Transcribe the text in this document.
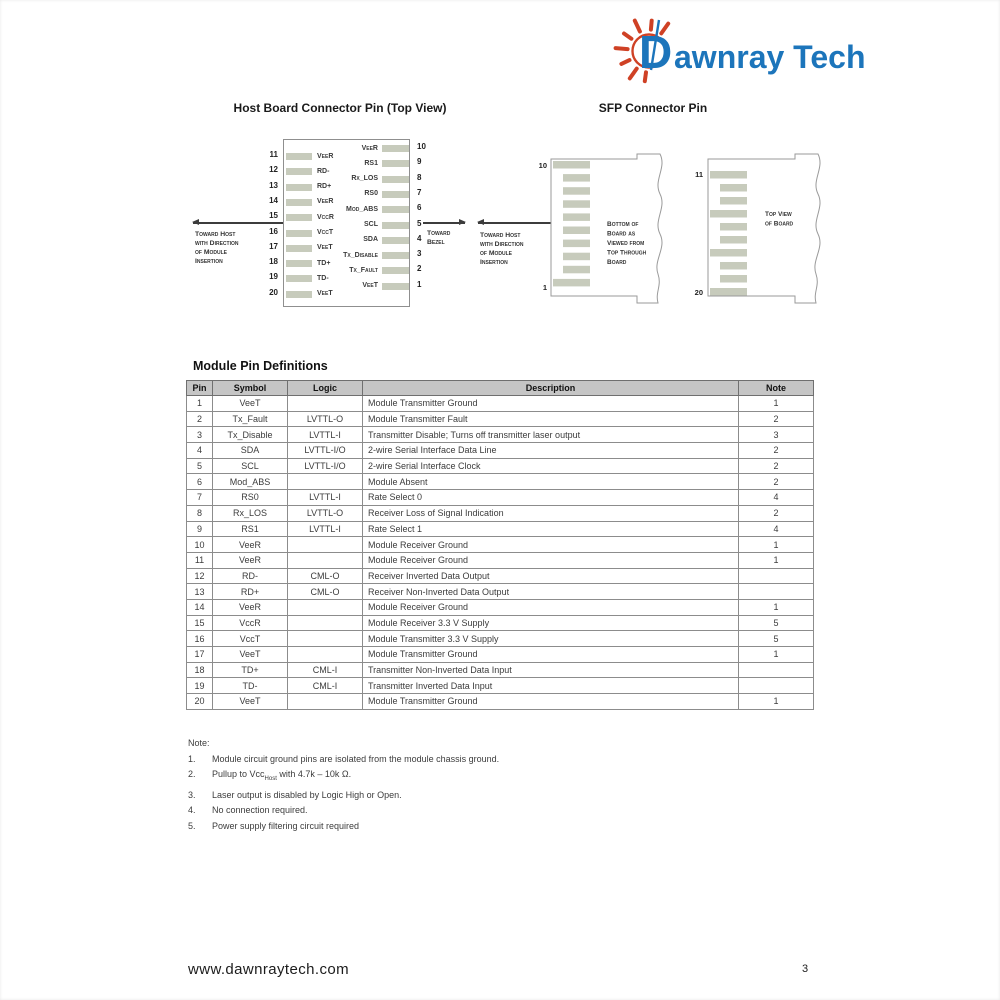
D awnray Tech
Host Board Connector Pin (Top View)	SFP Connector Pin
VeeR
RD-
RD+
VeeR
VccR
VccT
VeeT
TD+
TD-
VeeT
VeeR
RS1
Rx_LOS
RS0
Mod_ABS
SCL
SDA
Tx_Disable
Tx_Fault
VeeT
Toward Host
with Direction
of Module
Insertion
Toward
Bezel
Toward Host
with Direction
of Module
Insertion
10
1
11
20
Bottom of Board as Viewed from Top Through Board
Top View of Board
Module Pin Definitions
Pin	Symbol	Logic	Description	Note
1	VeeT		Module Transmitter Ground	1
2	Tx_Fault	LVTTL-O	Module Transmitter Fault	2
3	Tx_Disable	LVTTL-I	Transmitter Disable; Turns off transmitter laser output	3
4	SDA	LVTTL-I/O	2-wire Serial Interface Data Line	2
5	SCL	LVTTL-I/O	2-wire Serial Interface Clock	2
6	Mod_ABS		Module Absent	2
7	RS0	LVTTL-I	Rate Select 0	4
8	Rx_LOS	LVTTL-O	Receiver Loss of Signal Indication	2
9	RS1	LVTTL-I	Rate Select 1	4
10	VeeR		Module Receiver Ground	1
11	VeeR		Module Receiver Ground	1
12	RD-	CML-O	Receiver Inverted Data Output	
13	RD+	CML-O	Receiver Non-Inverted Data Output	
14	VeeR		Module Receiver Ground	1
15	VccR		Module Receiver 3.3 V Supply	5
16	VccT		Module Transmitter 3.3 V Supply	5
17	VeeT		Module Transmitter Ground	1
18	TD+	CML-I	Transmitter Non-Inverted Data Input	
19	TD-	CML-I	Transmitter Inverted Data Input	
20	VeeT		Module Transmitter Ground	1
Note:
1.	Module circuit ground pins are isolated from the module chassis ground.
2.	Pullup to Vcc$_{Host}$ with 4.7k – 10k Ω.
3.	Laser output is disabled by Logic High or Open.
4.	No connection required.
5.	Power supply filtering circuit required
www.dawnraytech.com	3
11
12
13
14
15
16
17
18
19
20
10
9
8
7
6
5
4
3
2
1
